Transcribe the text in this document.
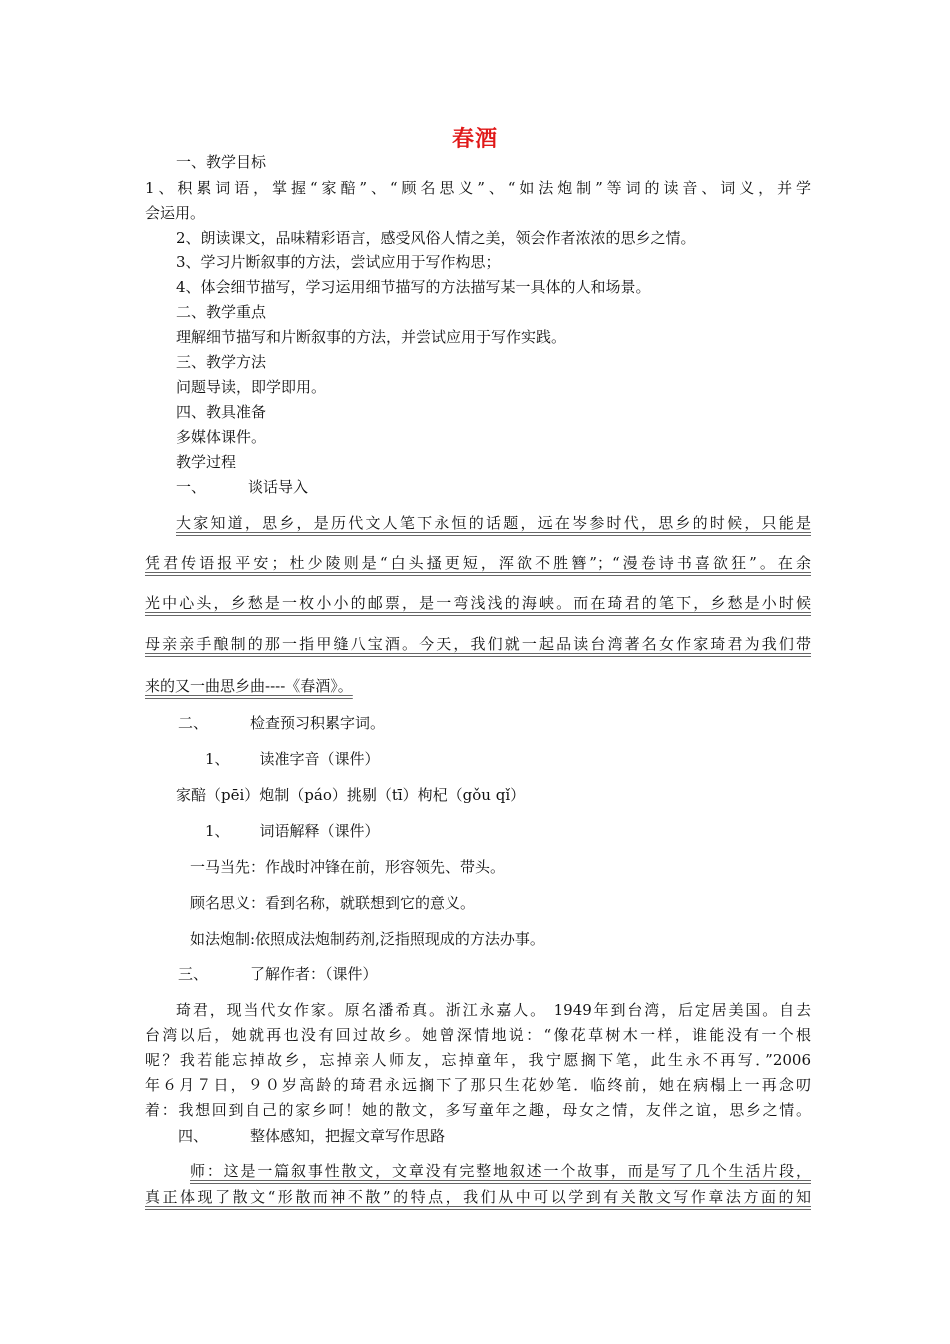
春酒
一、教学目标
1、积累词语，掌握“家醅”、“顾名思义”、“如法炮制”等词的读音、词义，并学
会运用。
2、朗读课文，品味精彩语言，感受风俗人情之美，领会作者浓浓的思乡之情。
3、学习片断叙事的方法，尝试应用于写作构思；
4、体会细节描写，学习运用细节描写的方法描写某一具体的人和场景。
二、教学重点
理解细节描写和片断叙事的方法，并尝试应用于写作实践。
三、教学方法
问题导读，即学即用。
四、教具准备
多媒体课件。
教学过程
一、	谈话导入
大家知道，思乡，是历代文人笔下永恒的话题，远在岑参时代，思乡的时候，只能是
凭君传语报平安；杜少陵则是“白头搔更短，浑欲不胜簪”；“漫卷诗书喜欲狂”。在余
光中心头，乡愁是一枚小小的邮票，是一弯浅浅的海峡。而在琦君的笔下，乡愁是小时候
母亲亲手酿制的那一指甲缝八宝酒。今天，我们就一起品读台湾著名女作家琦君为我们带
来的又一曲思乡曲----《春酒》。
二、	检查预习积累字词。
1、 读准字音（课件）
家醅（pēi）炮制（páo）挑剔（tī）枸杞（gǒu qǐ）
1、 词语解释（课件）
一马当先：作战时冲锋在前，形容领先、带头。
顾名思义：看到名称，就联想到它的意义。
如法炮制:依照成法炮制药剂,泛指照现成的方法办事。
三、	了解作者：（课件）
琦君，现当代女作家。原名潘希真。浙江永嘉人。 1949年到台湾，后定居美国。自去
台湾以后，她就再也没有回过故乡。她曾深情地说：“像花草树木一样，谁能没有一个根
呢？我若能忘掉故乡，忘掉亲人师友，忘掉童年，我宁愿搁下笔，此生永不再写．”2006
年６月７日，９０岁高龄的琦君永远搁下了那只生花妙笔．临终前，她在病榻上一再念叨
着：我想回到自己的家乡呵！她的散文，多写童年之趣，母女之情，友伴之谊，思乡之情。
四、	整体感知，把握文章写作思路
师：这是一篇叙事性散文，文章没有完整地叙述一个故事，而是写了几个生活片段，
真正体现了散文“形散而神不散”的特点，我们从中可以学到有关散文写作章法方面的知
